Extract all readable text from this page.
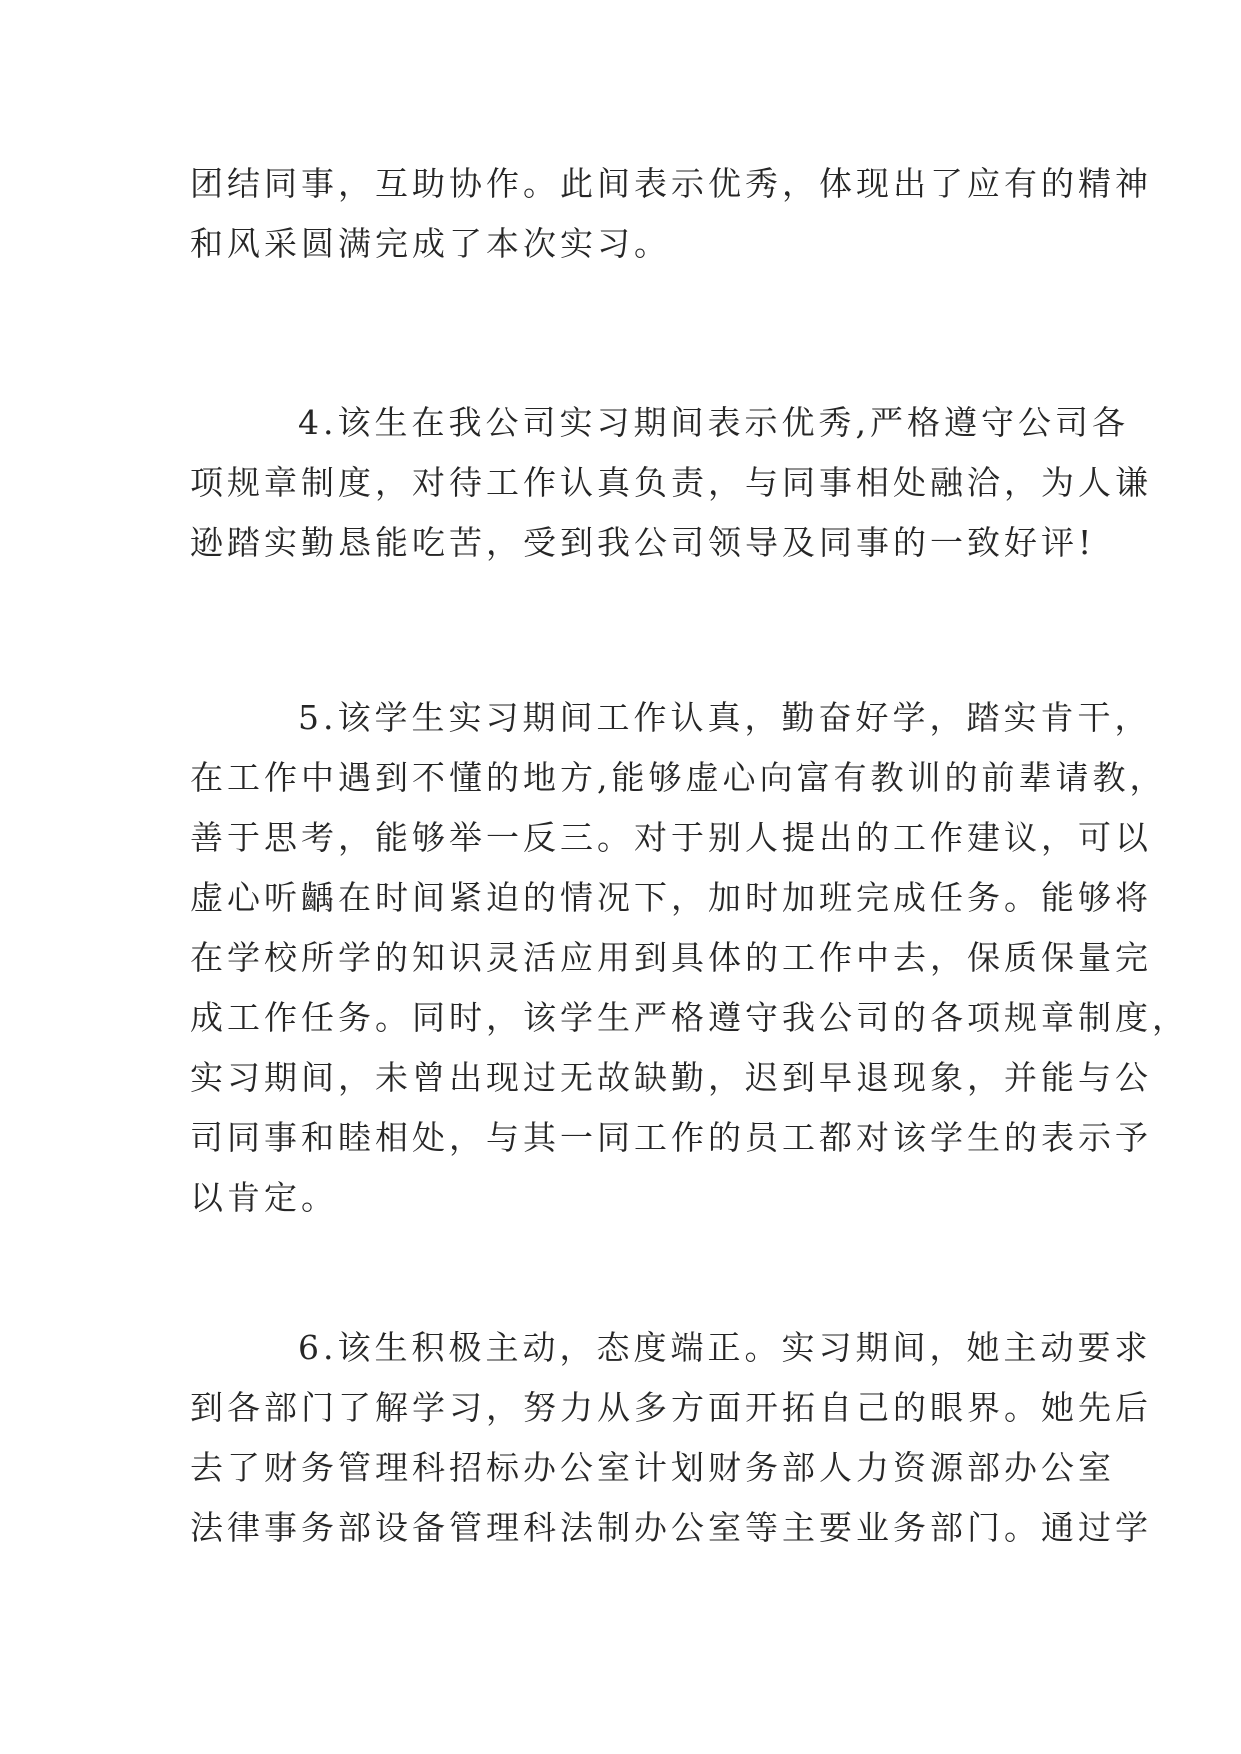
团结同事，互助协作。此间表示优秀，体现出了应有的精神
和风采圆满完成了本次实习。
4.该生在我公司实习期间表示优秀,严格遵守公司各
项规章制度，对待工作认真负责，与同事相处融洽，为人谦
逊踏实勤恳能吃苦，受到我公司领导及同事的一致好评!
5.该学生实习期间工作认真，勤奋好学，踏实肯干，
在工作中遇到不懂的地方,能够虚心向富有教训的前辈请教，
善于思考，能够举一反三。对于别人提出的工作建议，可以
虚心听齲在时间紧迫的情况下，加时加班完成任务。能够将
在学校所学的知识灵活应用到具体的工作中去，保质保量完
成工作任务。同时，该学生严格遵守我公司的各项规章制度，
实习期间，未曾出现过无故缺勤，迟到早退现象，并能与公
司同事和睦相处，与其一同工作的员工都对该学生的表示予
以肯定。
6.该生积极主动，态度端正。实习期间，她主动要求
到各部门了解学习，努力从多方面开拓自己的眼界。她先后
去了财务管理科招标办公室计划财务部人力资源部办公室
法律事务部设备管理科法制办公室等主要业务部门。通过学
